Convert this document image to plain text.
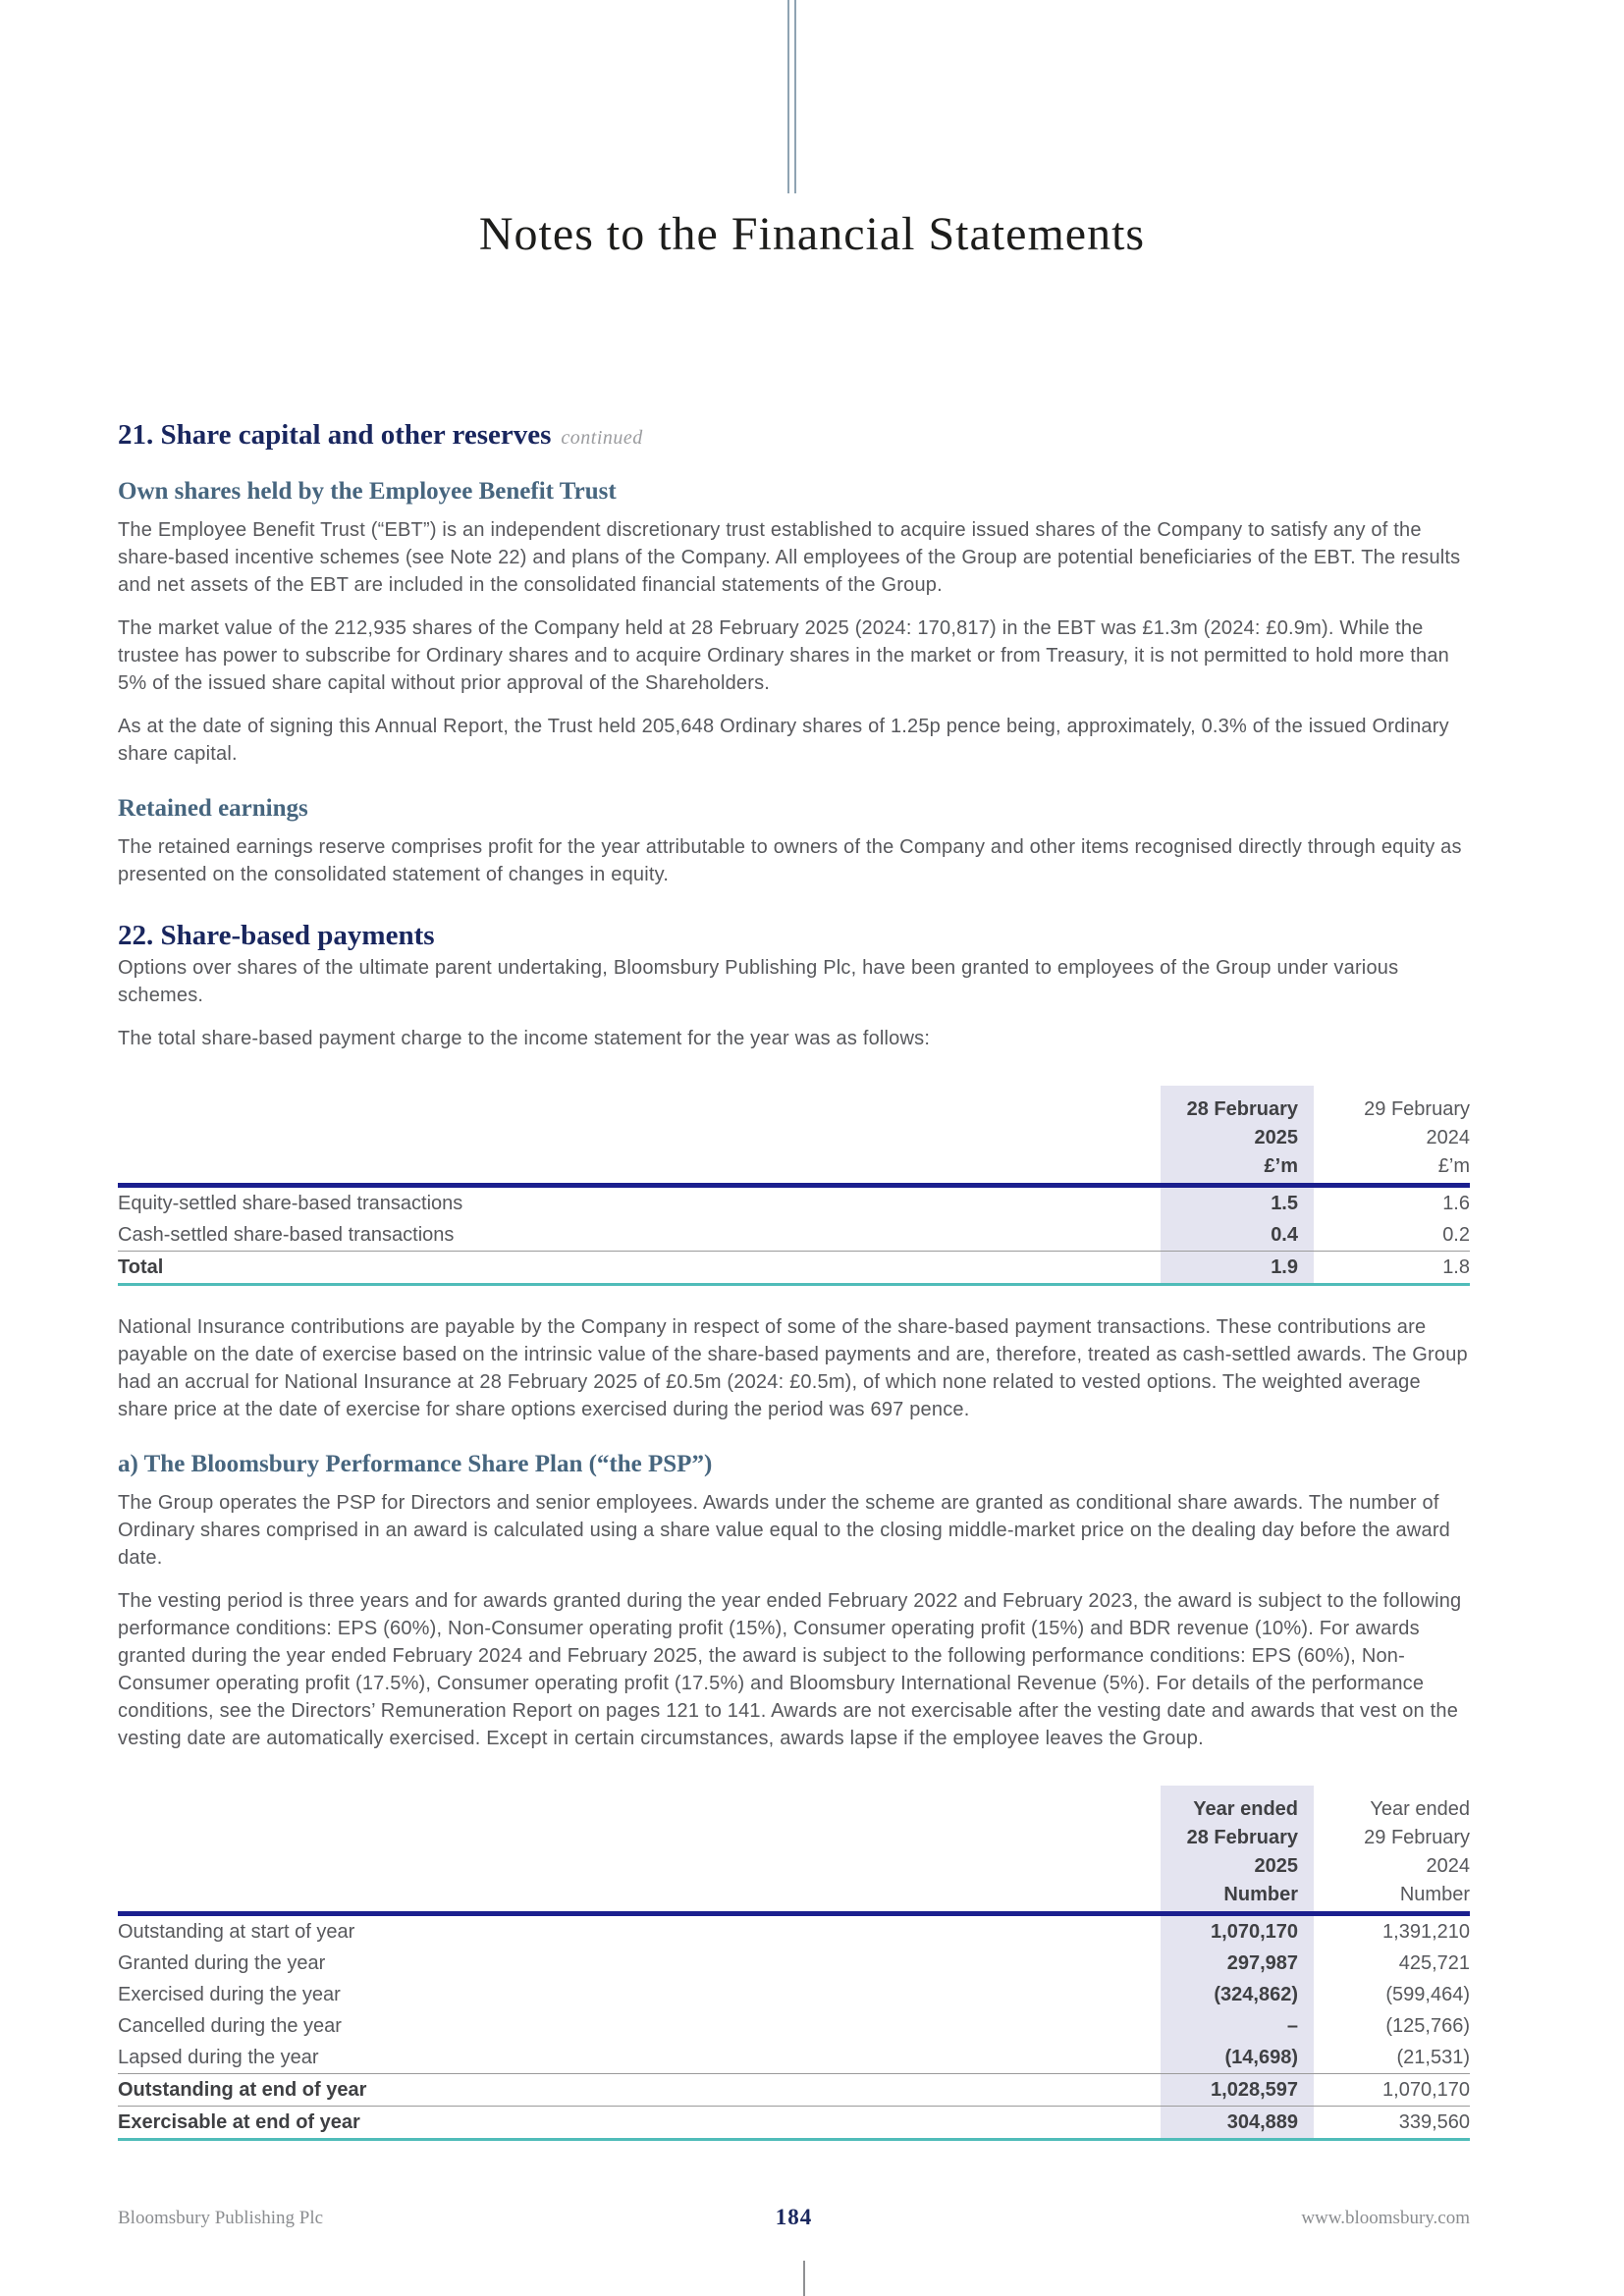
Notes to the Financial Statements
21. Share capital and other reserves continued
Own shares held by the Employee Benefit Trust

The Employee Benefit Trust (“EBT”) is an independent discretionary trust established to acquire issued shares of the Company to satisfy any of the share-based incentive schemes (see Note 22) and plans of the Company. All employees of the Group are potential beneficiaries of the EBT. The results and net assets of the EBT are included in the consolidated financial statements of the Group.

The market value of the 212,935 shares of the Company held at 28 February 2025 (2024: 170,817) in the EBT was £1.3m (2024: £0.9m). While the trustee has power to subscribe for Ordinary shares and to acquire Ordinary shares in the market or from Treasury, it is not permitted to hold more than 5% of the issued share capital without prior approval of the Shareholders.

As at the date of signing this Annual Report, the Trust held 205,648 Ordinary shares of 1.25p pence being, approximately, 0.3% of the issued Ordinary share capital.

Retained earnings

The retained earnings reserve comprises profit for the year attributable to owners of the Company and other items recognised directly through equity as presented on the consolidated statement of changes in equity.

22. Share-based payments

Options over shares of the ultimate parent undertaking, Bloomsbury Publishing Plc, have been granted to employees of the Group under various schemes.

The total share-based payment charge to the income statement for the year was as follows:

28 February
2025
£’m
29 February
2024
£’m
Equity-settled share-based transactions	1.5	1.6
Cash-settled share-based transactions	0.4	0.2
Total	1.9	1.8

National Insurance contributions are payable by the Company in respect of some of the share-based payment transactions. These contributions are payable on the date of exercise based on the intrinsic value of the share-based payments and are, therefore, treated as cash-settled awards. The Group had an accrual for National Insurance at 28 February 2025 of £0.5m (2024: £0.5m), of which none related to vested options. The weighted average share price at the date of exercise for share options exercised during the period was 697 pence.

a) The Bloomsbury Performance Share Plan (“the PSP”)

The Group operates the PSP for Directors and senior employees. Awards under the scheme are granted as conditional share awards. The number of Ordinary shares comprised in an award is calculated using a share value equal to the closing middle-market price on the dealing day before the award date.

The vesting period is three years and for awards granted during the year ended February 2022 and February 2023, the award is subject to the following performance conditions: EPS (60%), Non-Consumer operating profit (15%), Consumer operating profit (15%) and BDR revenue (10%). For awards granted during the year ended February 2024 and February 2025, the award is subject to the following performance conditions: EPS (60%), Non-Consumer operating profit (17.5%), Consumer operating profit (17.5%) and Bloomsbury International Revenue (5%). For details of the performance conditions, see the Directors’ Remuneration Report on pages 121 to 141. Awards are not exercisable after the vesting date and awards that vest on the vesting date are automatically exercised. Except in certain circumstances, awards lapse if the employee leaves the Group.

Year ended
28 February
2025
Number
Year ended
29 February
2024
Number
Outstanding at start of year	1,070,170	1,391,210
Granted during the year	297,987	425,721
Exercised during the year	(324,862)	(599,464)
Cancelled during the year	–	(125,766)
Lapsed during the year	(14,698)	(21,531)
Outstanding at end of year	1,028,597	1,070,170
Exercisable at end of year	304,889	339,560
Bloomsbury Publishing Plc	184	www.bloomsbury.com
